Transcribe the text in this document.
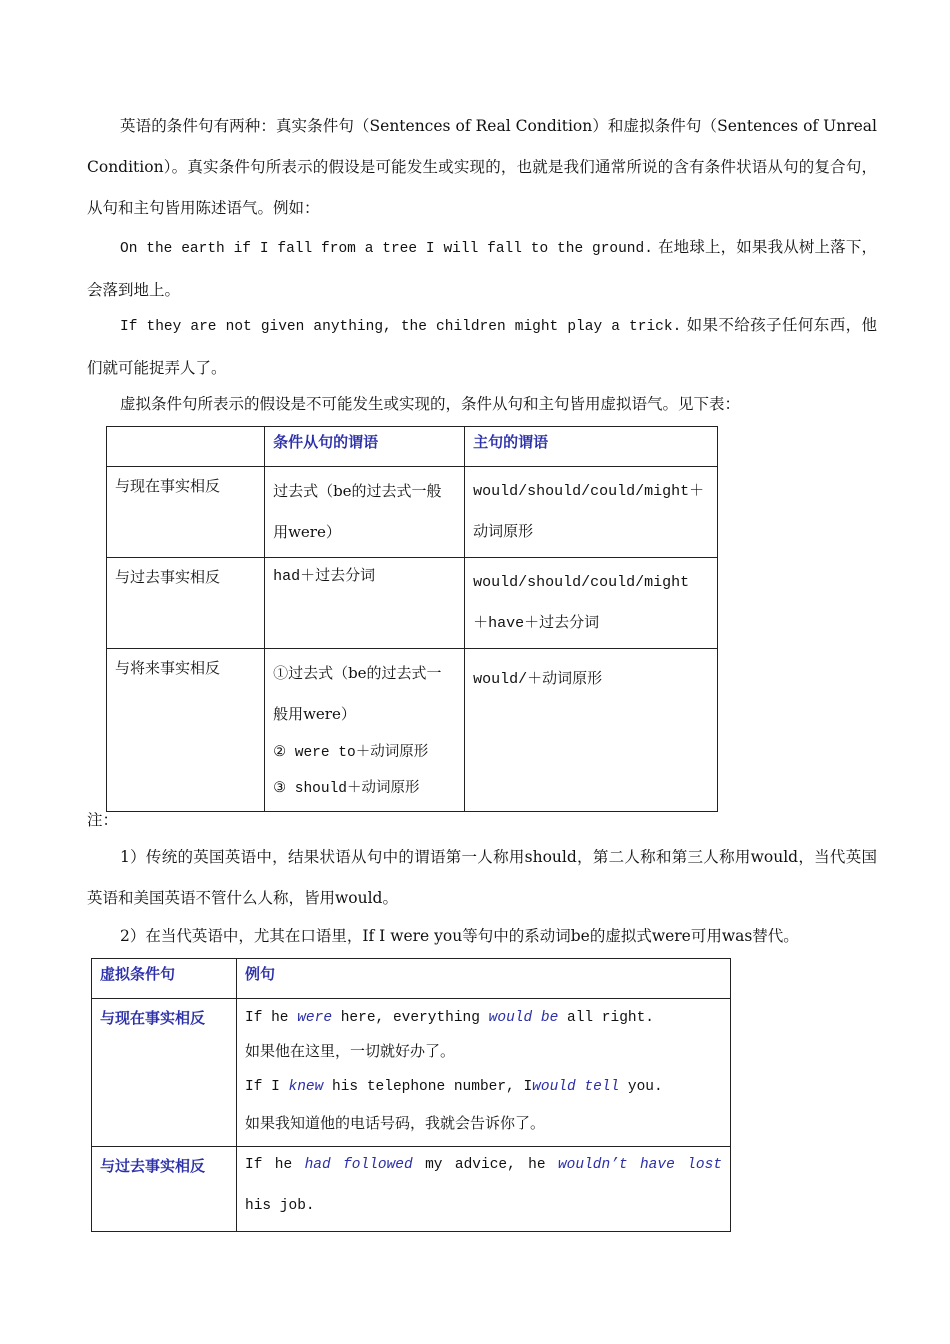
英语的条件句有两种：真实条件句（Sentences of Real Condition）和虚拟条件句（Sentences of Unreal Condition）。真实条件句所表示的假设是可能发生或实现的，也就是我们通常所说的含有条件状语从句的复合句，从句和主句皆用陈述语气。例如：
On the earth if I fall from a tree I will fall to the ground. 在地球上，如果我从树上落下，会落到地上。
If they are not given anything, the children might play a trick. 如果不给孩子任何东西，他们就可能捉弄人了。
虚拟条件句所表示的假设是不可能发生或实现的，条件从句和主句皆用虚拟语气。见下表：
	条件从句的谓语	主句的谓语
与现在事实相反	过去式（be的过去式一般用were）	would/should/could/might＋动词原形
与过去事实相反	had＋过去分词	would/should/could/might ＋have＋过去分词
与将来事实相反	①过去式（be的过去式一般用were）
② were to＋动词原形
③ should＋动词原形	would/＋动词原形
注：
1）传统的英国英语中，结果状语从句中的谓语第一人称用should，第二人称和第三人称用would，当代英国英语和美国英语不管什么人称，皆用would。
2）在当代英语中，尤其在口语里，If I were you等句中的系动词be的虚拟式were可用was替代。
虚拟条件句	例句
与现在事实相反	If he were here, everything would be all right.
如果他在这里，一切就好办了。
If I knew his telephone number, Iwould tell you.
如果我知道他的电话号码，我就会告诉你了。

与过去事实相反	If he had followed my advice, he wouldn’t have lost his job.
